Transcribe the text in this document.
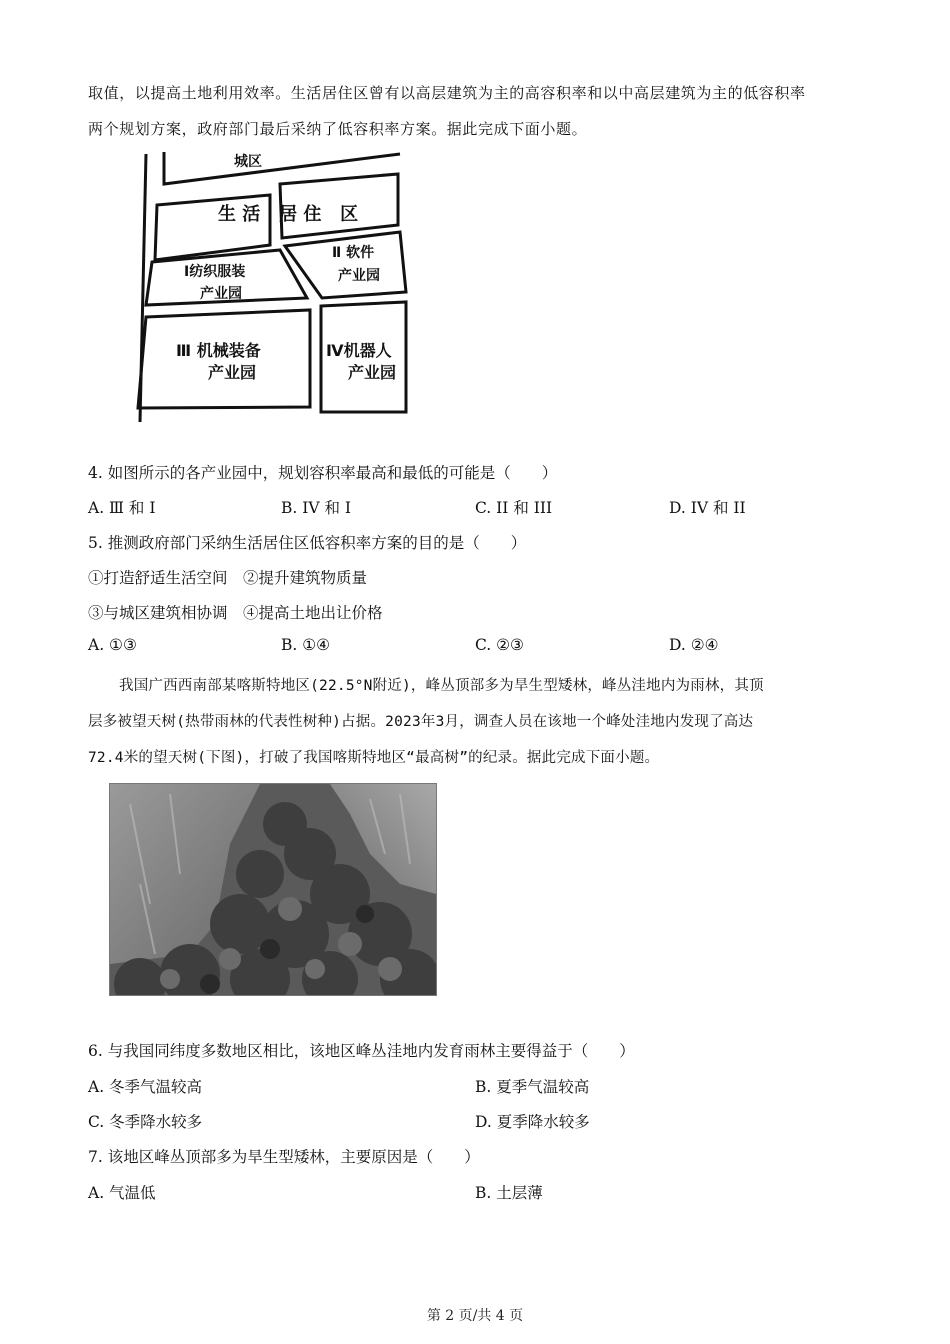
取值，以提高土地利用效率。生活居住区曾有以高层建筑为主的高容积率和以中高层建筑为主的低容积率
两个规划方案，政府部门最后采纳了低容积率方案。据此完成下面小题。
城区
生 活   居 住   区
Ⅰ纺织服装
产业园
Ⅱ 软件
产业园
Ⅲ 机械装备
产业园
Ⅳ机器人
产业园
4. 如图所示的各产业园中，规划容积率最高和最低的可能是（　　）
A. Ⅲ 和 I	B. IV 和 I	C. II 和 III	D. IV 和 II
5. 推测政府部门采纳生活居住区低容积率方案的目的是（　　）
①打造舒适生活空间　②提升建筑物质量
③与城区建筑相协调　④提高土地出让价格
A. ①③	B. ①④	C. ②③	D. ②④
我国广西西南部某喀斯特地区(22.5°N附近)，峰丛顶部多为旱生型矮林，峰丛洼地内为雨林，其顶
层多被望天树(热带雨林的代表性树种)占据。2023年3月，调查人员在该地一个峰处洼地内发现了高达
72.4米的望天树(下图)，打破了我国喀斯特地区“最高树”的纪录。据此完成下面小题。
6. 与我国同纬度多数地区相比，该地区峰丛洼地内发育雨林主要得益于（　　）
A. 冬季气温较高	B. 夏季气温较高
C. 冬季降水较多	D. 夏季降水较多
7. 该地区峰丛顶部多为旱生型矮林，主要原因是（　　）
A. 气温低	B. 土层薄
第 2 页/共 4 页
